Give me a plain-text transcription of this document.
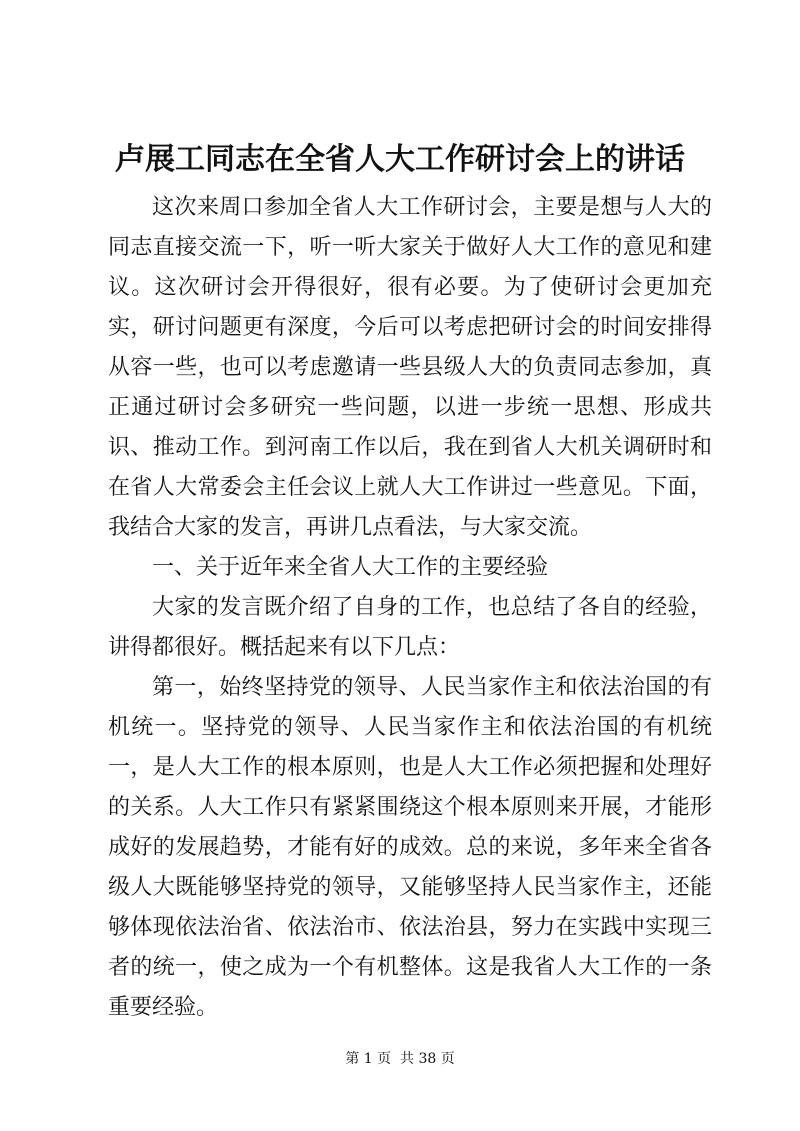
卢展工同志在全省人大工作研讨会上的讲话

这次来周口参加全省人大工作研讨会，主要是想与人大的同志直接交流一下，听一听大家关于做好人大工作的意见和建议。这次研讨会开得很好，很有必要。为了使研讨会更加充实，研讨问题更有深度，今后可以考虑把研讨会的时间安排得从容一些，也可以考虑邀请一些县级人大的负责同志参加，真正通过研讨会多研究一些问题，以进一步统一思想、形成共识、推动工作。到河南工作以后，我在到省人大机关调研时和在省人大常委会主任会议上就人大工作讲过一些意见。下面，我结合大家的发言，再讲几点看法，与大家交流。

一、关于近年来全省人大工作的主要经验

大家的发言既介绍了自身的工作，也总结了各自的经验，讲得都很好。概括起来有以下几点：

第一，始终坚持党的领导、人民当家作主和依法治国的有机统一。坚持党的领导、人民当家作主和依法治国的有机统一，是人大工作的根本原则，也是人大工作必须把握和处理好的关系。人大工作只有紧紧围绕这个根本原则来开展，才能形成好的发展趋势，才能有好的成效。总的来说，多年来全省各级人大既能够坚持党的领导，又能够坚持人民当家作主，还能够体现依法治省、依法治市、依法治县，努力在实践中实现三者的统一，使之成为一个有机整体。这是我省人大工作的一条重要经验。

第 1 页  共 38 页
